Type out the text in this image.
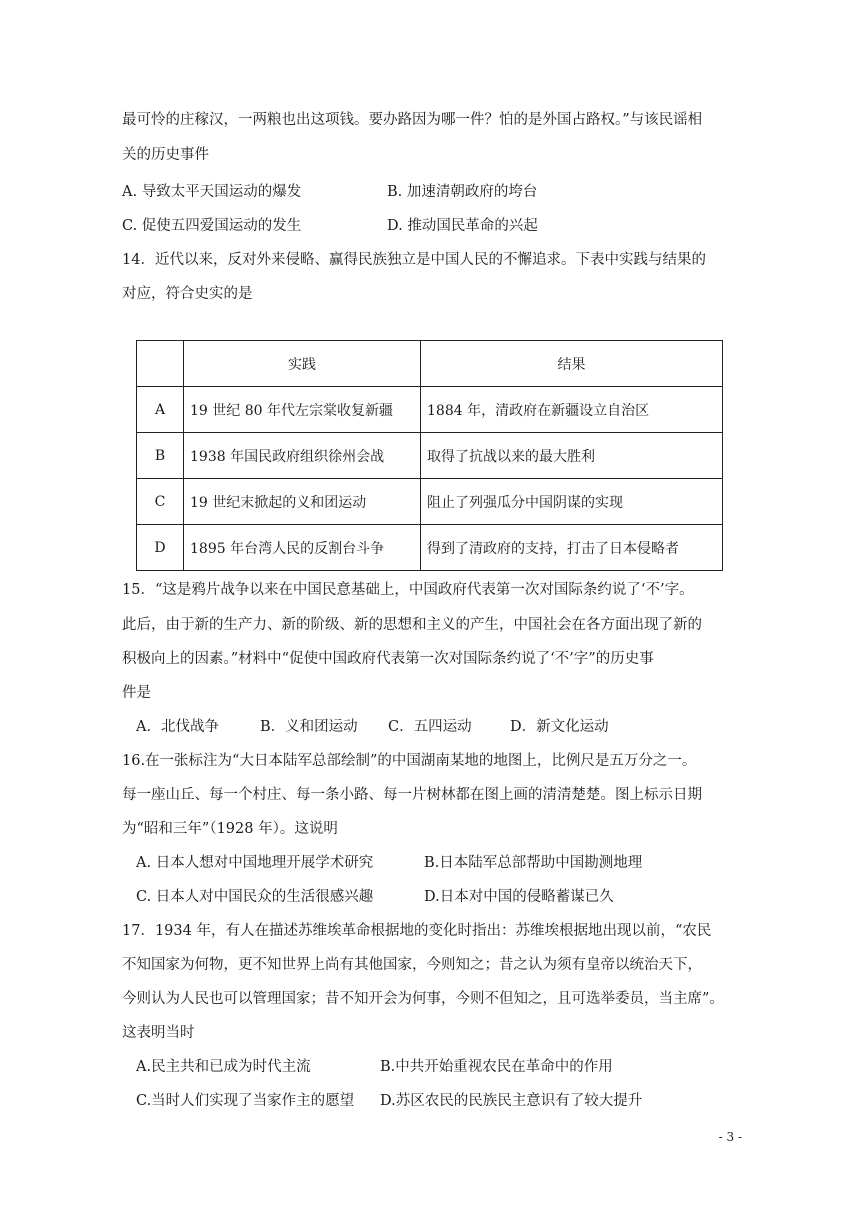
最可怜的庄稼汉，一两粮也出这项钱。要办路因为哪一件？怕的是外国占路权。”与该民谣相
关的历史事件
A. 导致太平天国运动的爆发	B. 加速清朝政府的垮台
C. 促使五四爱国运动的发生	D. 推动国民革命的兴起
14．近代以来，反对外来侵略、赢得民族独立是中国人民的不懈追求。下表中实践与结果的
对应，符合史实的是
	实践	结果
A	19 世纪 80 年代左宗棠收复新疆	1884 年，清政府在新疆设立自治区
B	1938 年国民政府组织徐州会战	取得了抗战以来的最大胜利
C	19 世纪末掀起的义和团运动	阻止了列强瓜分中国阴谋的实现
D	1895 年台湾人民的反割台斗争	得到了清政府的支持，打击了日本侵略者
15．“这是鸦片战争以来在中国民意基础上，中国政府代表第一次对国际条约说了‘不’字。
此后，由于新的生产力、新的阶级、新的思想和主义的产生，中国社会在各方面出现了新的
积极向上的因素。”材料中“促使中国政府代表第一次对国际条约说了‘不’字”的历史事
件是
A．北伐战争	B．义和团运动 C．五四运动	D．新文化运动
16.在一张标注为“大日本陆军总部绘制”的中国湖南某地的地图上，比例尺是五万分之一。
每一座山丘、每一个村庄、每一条小路、每一片树林都在图上画的清清楚楚。图上标示日期
为“昭和三年”（1928 年）。这说明
A. 日本人想对中国地理开展学术研究	B.日本陆军总部帮助中国勘测地理
C. 日本人对中国民众的生活很感兴趣	D.日本对中国的侵略蓄谋已久
17．1934 年，有人在描述苏维埃革命根据地的变化时指出：苏维埃根据地出现以前，“农民
不知国家为何物，更不知世界上尚有其他国家，今则知之；昔之认为须有皇帝以统治天下，
今则认为人民也可以管理国家；昔不知开会为何事，今则不但知之，且可选举委员，当主席”。
这表明当时
A.民主共和已成为时代主流	B.中共开始重视农民在革命中的作用
C.当时人们实现了当家作主的愿望 D.苏区农民的民族民主意识有了较大提升
- 3 -
